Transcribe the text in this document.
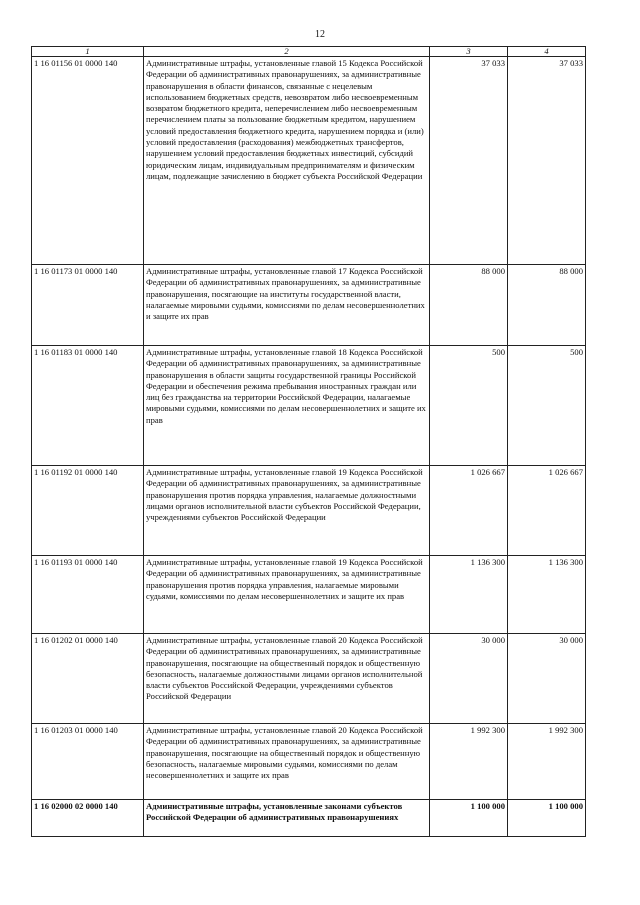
12
1	2	3	4
1 16 01156 01 0000 140	Административные штрафы, установленные главой 15 Кодекса Российской Федерации об административных правонарушениях, за административные правонарушения в области финансов, связанные с нецелевым использованием бюджетных средств, невозвратом либо несвоевременным возвратом бюджетного кредита, неперечислением либо несвоевременным перечислением платы за пользование бюджетным кредитом, нарушением условий предоставления бюджетного кредита, нарушением порядка и (или) условий предоставления (расходования) межбюджетных трансфертов, нарушением условий предоставления бюджетных инвестиций, субсидий юридическим лицам, индивидуальным предпринимателям и физическим лицам, подлежащие зачислению в бюджет субъекта Российской Федерации	37 033	37 033
1 16 01173 01 0000 140	Административные штрафы, установленные главой 17 Кодекса Российской Федерации об административных правонарушениях, за административные правонарушения, посягающие на институты государственной власти, налагаемые мировыми судьями, комиссиями по делам несовершеннолетних и защите их прав	88 000	88 000
1 16 01183 01 0000 140	Административные штрафы, установленные главой 18 Кодекса Российской Федерации об административных правонарушениях, за административные правонарушения в области защиты государственной границы Российской Федерации и обеспечения режима пребывания иностранных граждан или лиц без гражданства на территории Российской Федерации, налагаемые мировыми судьями, комиссиями по делам несовершеннолетних и защите их прав	500	500
1 16 01192 01 0000 140	Административные штрафы, установленные главой 19 Кодекса Российской Федерации об административных правонарушениях, за административные правонарушения против порядка управления, налагаемые должностными лицами органов исполнительной власти субъектов Российской Федерации, учреждениями субъектов Российской Федерации	1 026 667	1 026 667
1 16 01193 01 0000 140	Административные штрафы, установленные главой 19 Кодекса Российской Федерации об административных правонарушениях, за административные правонарушения против порядка управления, налагаемые мировыми судьями, комиссиями по делам несовершеннолетних и защите их прав	1 136 300	1 136 300
1 16 01202 01 0000 140	Административные штрафы, установленные главой 20 Кодекса Российской Федерации об административных правонарушениях, за административные правонарушения, посягающие на общественный порядок и общественную безопасность, налагаемые должностными лицами органов исполнительной власти субъектов Российской Федерации, учреждениями субъектов Российской Федерации	30 000	30 000
1 16 01203 01 0000 140	Административные штрафы, установленные главой 20 Кодекса Российской Федерации об административных правонарушениях, за административные правонарушения, посягающие на общественный порядок и общественную безопасность, налагаемые мировыми судьями, комиссиями по делам несовершеннолетних и защите их прав	1 992 300	1 992 300
1 16 02000 02 0000 140	Административные штрафы, установленные законами субъектов Российской Федерации об административных правонарушениях	1 100 000	1 100 000
